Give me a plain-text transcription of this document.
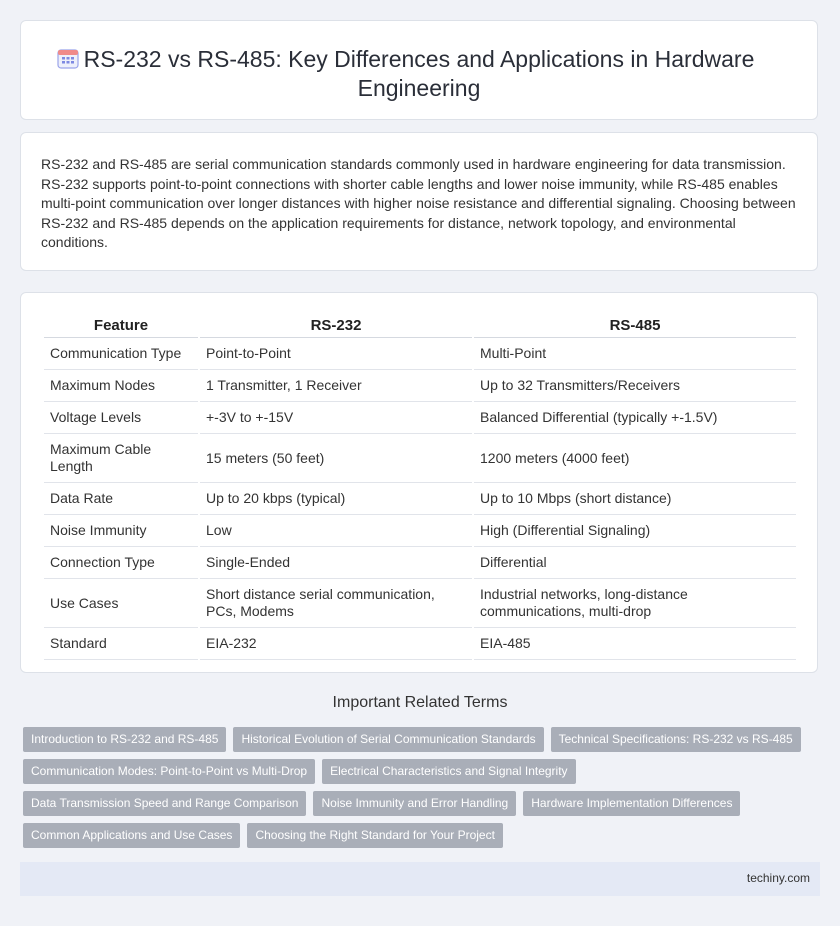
RS-232 vs RS-485: Key Differences and Applications in Hardware Engineering
RS-232 and RS-485 are serial communication standards commonly used in hardware engineering for data transmission. RS-232 supports point-to-point connections with shorter cable lengths and lower noise immunity, while RS-485 enables multi-point communication over longer distances with higher noise resistance and differential signaling. Choosing between RS-232 and RS-485 depends on the application requirements for distance, network topology, and environmental conditions.
Feature	RS-232	RS-485
Communication Type	Point-to-Point	Multi-Point
Maximum Nodes	1 Transmitter, 1 Receiver	Up to 32 Transmitters/Receivers
Voltage Levels	+-3V to +-15V	Balanced Differential (typically +-1.5V)
Maximum Cable Length	15 meters (50 feet)	1200 meters (4000 feet)
Data Rate	Up to 20 kbps (typical)	Up to 10 Mbps (short distance)
Noise Immunity	Low	High (Differential Signaling)
Connection Type	Single-Ended	Differential
Use Cases	Short distance serial communication, PCs, Modems	Industrial networks, long-distance communications, multi-drop
Standard	EIA-232	EIA-485
Important Related Terms
Introduction to RS-232 and RS-485	Historical Evolution of Serial Communication Standards	Technical Specifications: RS-232 vs RS-485
Communication Modes: Point-to-Point vs Multi-Drop	Electrical Characteristics and Signal Integrity
Data Transmission Speed and Range Comparison	Noise Immunity and Error Handling	Hardware Implementation Differences
Common Applications and Use Cases	Choosing the Right Standard for Your Project
techiny.com
